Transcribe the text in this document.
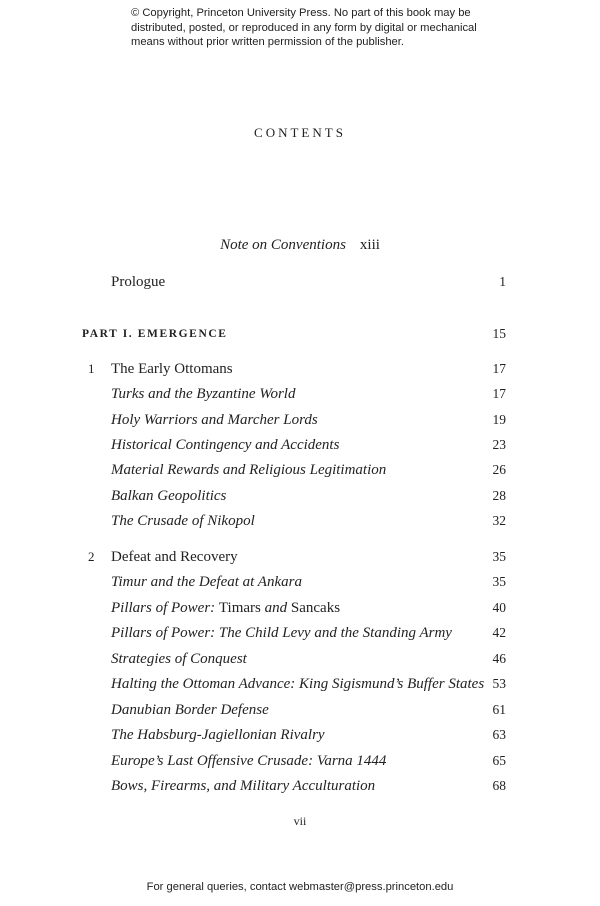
© Copyright, Princeton University Press. No part of this book may be distributed, posted, or reproduced in any form by digital or mechanical means without prior written permission of the publisher.
CONTENTS
Note on Conventions xiii
Prologue	1
PART I. EMERGENCE	15
1	The Early Ottomans	17
Turks and the Byzantine World	17
Holy Warriors and Marcher Lords	19
Historical Contingency and Accidents	23
Material Rewards and Religious Legitimation	26
Balkan Geopolitics	28
The Crusade of Nikopol	32
2	Defeat and Recovery	35
Timur and the Defeat at Ankara	35
Pillars of Power: Timars and Sancaks	40
Pillars of Power: The Child Levy and the Standing Army	42
Strategies of Conquest	46
Halting the Ottoman Advance: King Sigismund’s Buffer States 53
Danubian Border Defense	61
The Habsburg-Jagiellonian Rivalry	63
Europe’s Last Offensive Crusade: Varna 1444	65
Bows, Firearms, and Military Acculturation	68
vii
For general queries, contact webmaster@press.princeton.edu
